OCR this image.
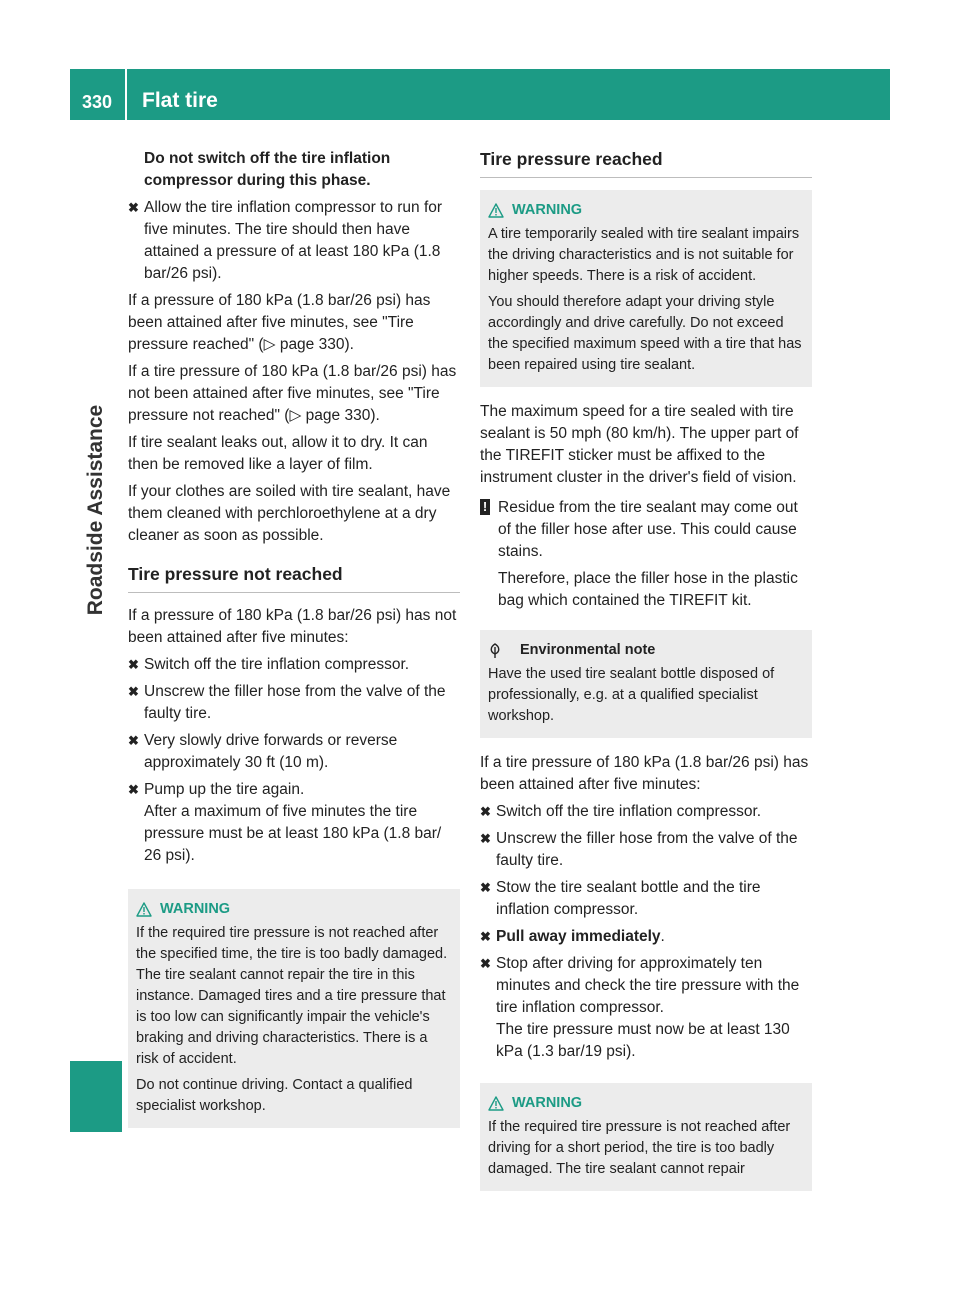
330 Flat tire
Roadside Assistance

Do not switch off the tire inflation compressor during this phase.

✖ Allow the tire inflation compressor to run for five minutes. The tire should then have attained a pressure of at least 180 kPa (1.8 bar/26 psi).

If a pressure of 180 kPa (1.8 bar/26 psi) has been attained after five minutes, see "Tire pressure reached" (▷ page 330).

If a tire pressure of 180 kPa (1.8 bar/26 psi) has not been attained after five minutes, see "Tire pressure not reached" (▷ page 330).

If tire sealant leaks out, allow it to dry. It can then be removed like a layer of film.

If your clothes are soiled with tire sealant, have them cleaned with perchloroethylene at a dry cleaner as soon as possible.

Tire pressure not reached

If a pressure of 180 kPa (1.8 bar/26 psi) has not been attained after five minutes:

✖ Switch off the tire inflation compressor.
✖ Unscrew the filler hose from the valve of the faulty tire.
✖ Very slowly drive forwards or reverse approximately 30 ft (10 m).
✖ Pump up the tire again.

After a maximum of five minutes the tire pressure must be at least 180 kPa (1.8 bar/ 26 psi).

WARNING

If the required tire pressure is not reached after the specified time, the tire is too badly damaged. The tire sealant cannot repair the tire in this instance. Damaged tires and a tire pressure that is too low can significantly impair the vehicle's braking and driving characteristics. There is a risk of accident.

Do not continue driving. Contact a qualified specialist workshop.

Tire pressure reached
WARNING

A tire temporarily sealed with tire sealant impairs the driving characteristics and is not suitable for higher speeds. There is a risk of accident.

You should therefore adapt your driving style accordingly and drive carefully. Do not exceed the specified maximum speed with a tire that has been repaired using tire sealant.

The maximum speed for a tire sealed with tire sealant is 50 mph (80 km/h). The upper part of the TIREFIT sticker must be affixed to the instrument cluster in the driver's field of vision.

! Residue from the tire sealant may come out of the filler hose after use. This could cause stains.

Therefore, place the filler hose in the plastic bag which contained the TIREFIT kit.

Environmental note

Have the used tire sealant bottle disposed of professionally, e.g. at a qualified specialist workshop.

If a tire pressure of 180 kPa (1.8 bar/26 psi) has been attained after five minutes:

✖ Switch off the tire inflation compressor.
✖ Unscrew the filler hose from the valve of the faulty tire.
✖ Stow the tire sealant bottle and the tire inflation compressor.
✖ Pull away immediately.
✖ Stop after driving for approximately ten minutes and check the tire pressure with the tire inflation compressor.

The tire pressure must now be at least 130 kPa (1.3 bar/19 psi).

WARNING

If the required tire pressure is not reached after driving for a short period, the tire is too badly damaged. The tire sealant cannot repair
